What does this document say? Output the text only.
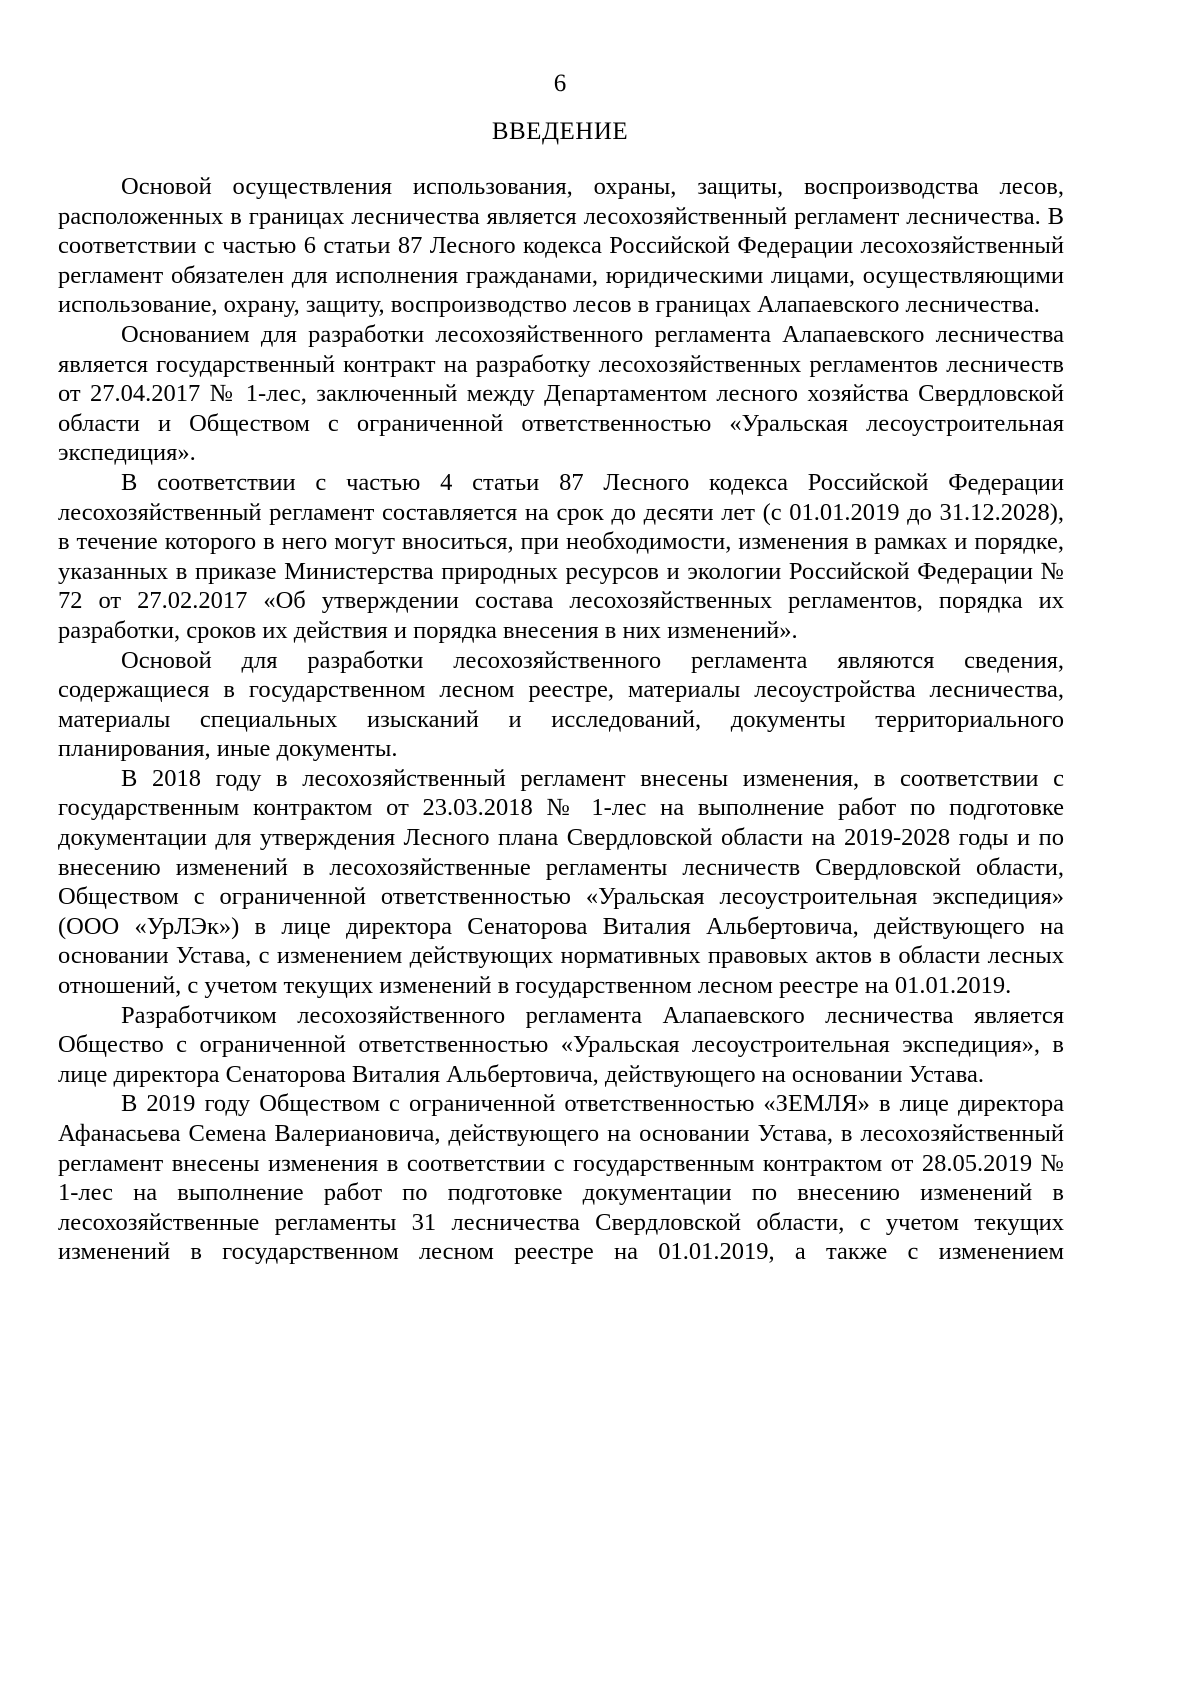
6
ВВЕДЕНИЕ

Основой осуществления использования, охраны, защиты, воспроизводства лесов, расположенных в границах лесничества является лесохозяйственный регламент лесничества. В соответствии с частью 6 статьи 87 Лесного кодекса Российской Федерации лесохозяйственный регламент обязателен для исполнения гражданами, юридическими лицами, осуществляющими использование, охрану, защиту, воспроизводство лесов в границах Алапаевского лесничества.

Основанием для разработки лесохозяйственного регламента Алапаевского лесничества является государственный контракт на разработку лесохозяйственных регламентов лесничеств от 27.04.2017 № 1-лес, заключенный между Департаментом лесного хозяйства Свердловской области и Обществом с ограниченной ответственностью «Уральская лесоустроительная экспедиция».

В соответствии с частью 4 статьи 87 Лесного кодекса Российской Федерации лесохозяйственный регламент составляется на срок до десяти лет (с 01.01.2019 до 31.12.2028), в течение которого в него могут вноситься, при необходимости, изменения в рамках и порядке, указанных в приказе Министерства природных ресурсов и экологии Российской Федерации № 72 от 27.02.2017 «Об утверждении состава лесохозяйственных регламентов, порядка их разработки, сроков их действия и порядка внесения в них изменений».

Основой для разработки лесохозяйственного регламента являются сведения, содержащиеся в государственном лесном реестре, материалы лесоустройства лесничества, материалы специальных изысканий и исследований, документы территориального планирования, иные документы.

В 2018 году в лесохозяйственный регламент внесены изменения, в соответствии с государственным контрактом от 23.03.2018 № 1-лес на выполнение работ по подготовке документации для утверждения Лесного плана Свердловской области на 2019-2028 годы и по внесению изменений в лесохозяйственные регламенты лесничеств Свердловской области, Обществом с ограниченной ответственностью «Уральская лесоустроительная экспедиция» (ООО «УрЛЭк») в лице директора Сенаторова Виталия Альбертовича, действующего на основании Устава, с изменением действующих нормативных правовых актов в области лесных отношений, с учетом текущих изменений в государственном лесном реестре на 01.01.2019.

Разработчиком лесохозяйственного регламента Алапаевского лесничества является Общество с ограниченной ответственностью «Уральская лесоустроительная экспедиция», в лице директора Сенаторова Виталия Альбертовича, действующего на основании Устава.

В 2019 году Обществом с ограниченной ответственностью «ЗЕМЛЯ» в лице директора Афанасьева Семена Валериановича, действующего на основании Устава, в лесохозяйственный регламент внесены изменения в соответствии с государственным контрактом от 28.05.2019 № 1-лес на выполнение работ по подготовке документации по внесению изменений в лесохозяйственные регламенты 31 лесничества Свердловской области, с учетом текущих изменений в государственном лесном реестре на 01.01.2019, а также с изменением
